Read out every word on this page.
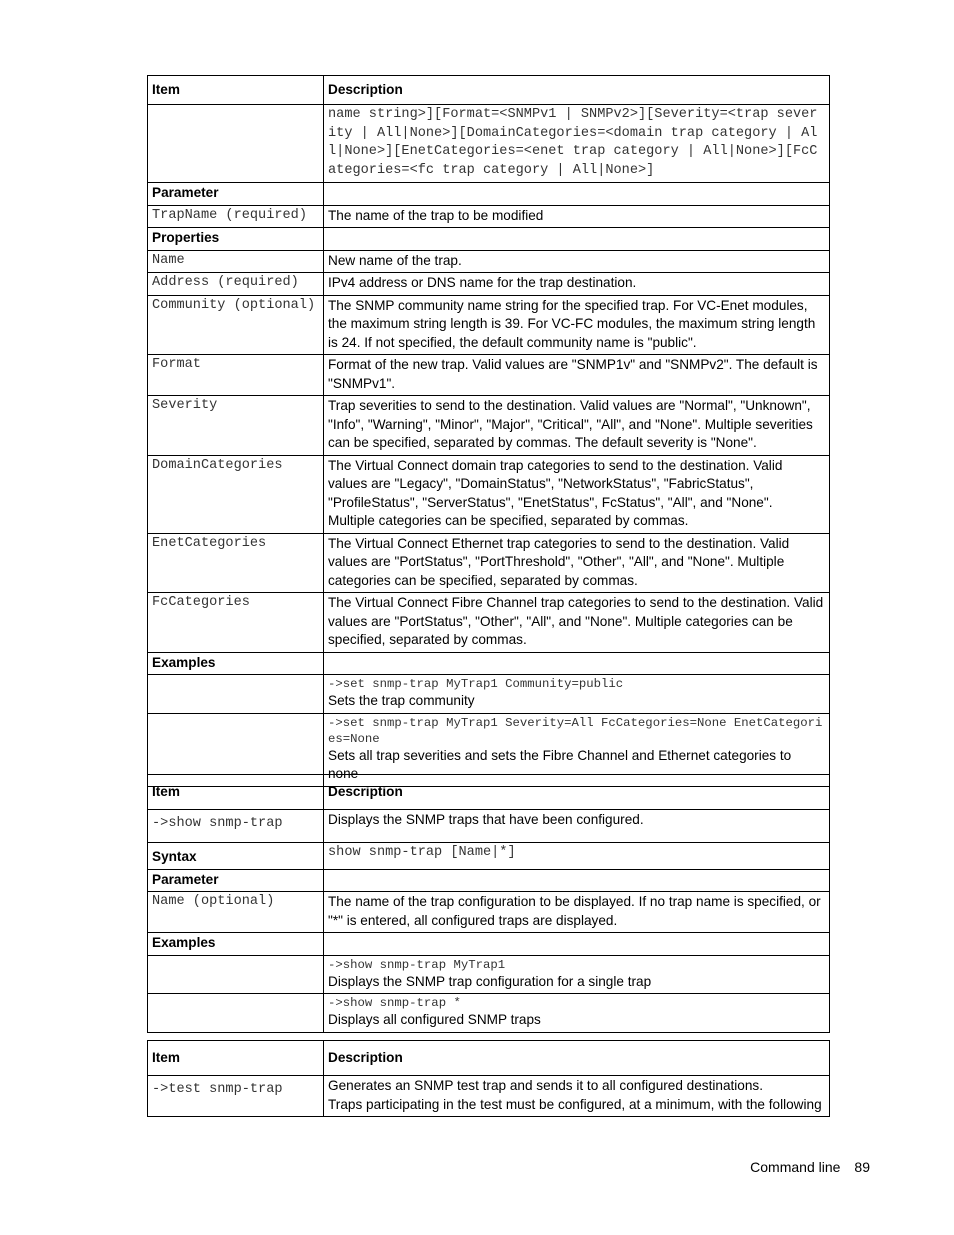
Item	Description
	name string>][Format=<SNMPv1 | SNMPv2>][Severity=<trap severity | All|None>][DomainCategories=<domain trap category | All|None>][EnetCategories=<enet trap category | All|None>][FcCategories=<fc trap category | All|None>]
Parameter	
TrapName (required)	The name of the trap to be modified
Properties	
Name	New name of the trap.
Address (required)	IPv4 address or DNS name for the trap destination.
Community (optional)	The SNMP community name string for the specified trap. For VC-Enet modules, the maximum string length is 39. For VC-FC modules, the maximum string length is 24. If not specified, the default community name is "public".
Format	Format of the new trap. Valid values are "SNMP1v" and "SNMPv2". The default is "SNMPv1".
Severity	Trap severities to send to the destination. Valid values are "Normal", "Unknown", "Info", "Warning", "Minor", "Major", "Critical", "All", and "None". Multiple severities can be specified, separated by commas. The default severity is "None".
DomainCategories	The Virtual Connect domain trap categories to send to the destination. Valid values are "Legacy", "DomainStatus", "NetworkStatus", "FabricStatus", "ProfileStatus", "ServerStatus", "EnetStatus", FcStatus", "All", and "None".
Multiple categories can be specified, separated by commas.

EnetCategories	The Virtual Connect Ethernet trap categories to send to the destination. Valid values are "PortStatus", "PortThreshold", "Other", "All", and "None". Multiple categories can be specified, separated by commas.
FcCategories	The Virtual Connect Fibre Channel trap categories to send to the destination. Valid values are "PortStatus", "Other", "All", and "None". Multiple categories can be specified, separated by commas.
Examples	

	->set snmp-trap MyTrap1 Community=public
Sets the trap community

	->set snmp-trap MyTrap1 Severity=All FcCategories=None EnetCategories=None
Sets all trap severities and sets the Fibre Channel and Ethernet categories to none
Item	Description
->show snmp-trap	Displays the SNMP traps that have been configured.
Syntax	show snmp-trap [Name|*]
Parameter	
Name (optional)	The name of the trap configuration to be displayed. If no trap name is specified, or "*" is entered, all configured traps are displayed.
Examples	

	->show snmp-trap MyTrap1
Displays the SNMP trap configuration for a single trap

	->show snmp-trap *
Displays all configured SNMP traps
Item	Description
->test snmp-trap	Generates an SNMP test trap and sends it to all configured destinations.
Traps participating in the test must be configured, at a minimum, with the following
Command line 89
